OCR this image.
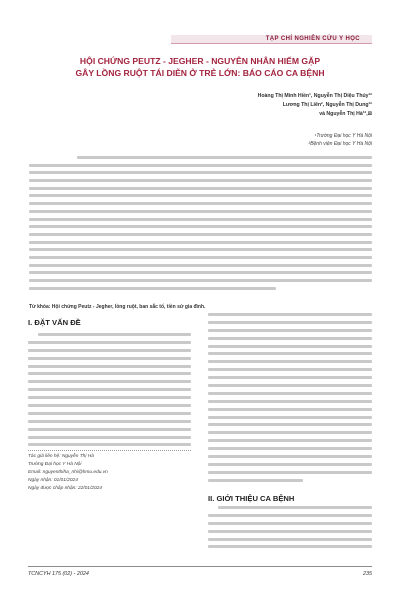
TẠP CHÍ NGHIÊN CỨU Y HỌC
HỘI CHỨNG PEUTZ - JEGHER - NGUYÊN NHÂN HIẾM GẶP
GÂY LỒNG RUỘT TÁI DIỄN Ở TRẺ LỚN: BÁO CÁO CA BỆNH

Hoàng Thị Minh Hiền¹, Nguyễn Thị Diệu Thúy¹²

Lương Thị Liên², Nguyễn Thị Dung¹²

và Nguyễn Thị Hà¹²,⊠

¹Trường Đại học Y Hà Nội

²Bệnh viện Đại học Y Hà Nội

Từ khóa: Hội chứng Peutz - Jegher, lồng ruột, ban sắc tố, tiền sử gia đình.

I. ĐẶT VẤN ĐỀ

Tác giả liên hệ: Nguyễn Thị Hà

Trường Đại học Y Hà Nội

Email: nguyenthiha_nhi@hmu.edu.vn

Ngày nhận: 01/01/2024

Ngày được chấp nhận: 22/01/2024

II. GIỚI THIỆU CA BỆNH

TCNCYH 175 (02) - 2024	235
